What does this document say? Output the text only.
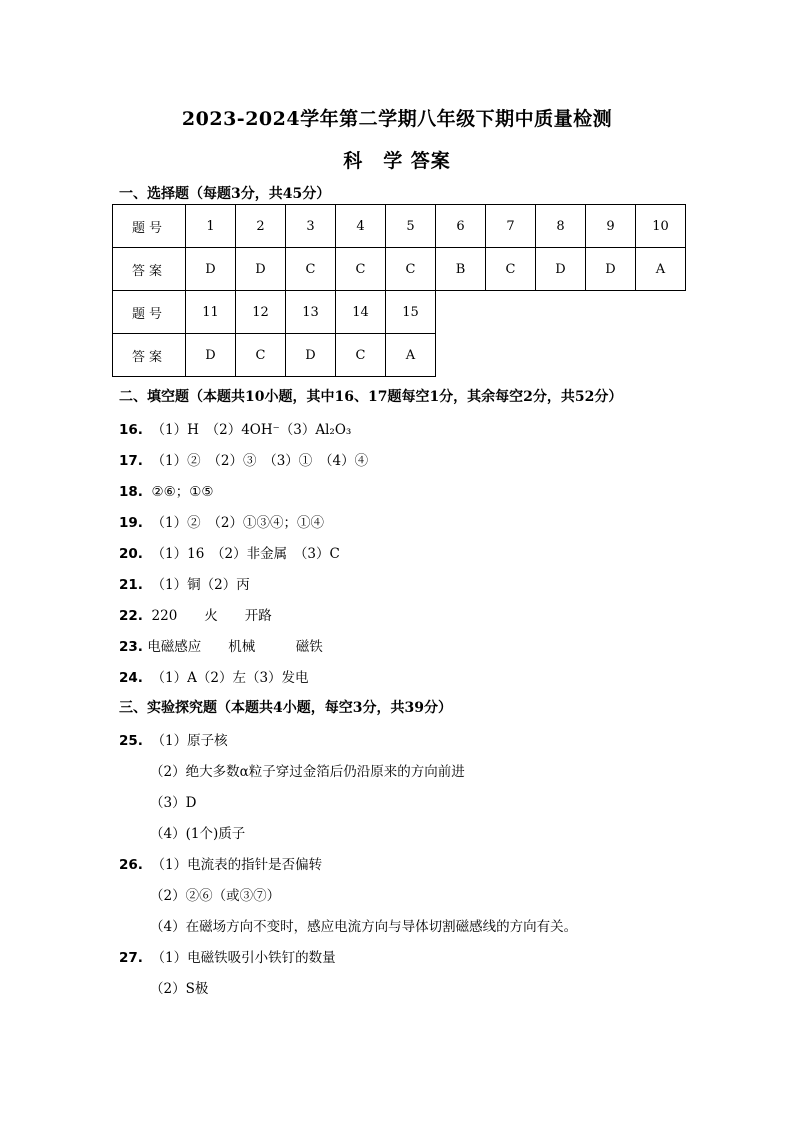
2023-2024学年第二学期八年级下期中质量检测
科　学 答案
一、选择题（每题3分，共45分）
题号	1	2	3	4	5	6	7	8	9	10
答案	D	D	C	C	C	B	C	D	D	A
题号	11	12	13	14	15					
答案	D	C	D	C	A					
二、填空题（本题共10小题，其中16、17题每空1分，其余每空2分，共52分）
16. （1）H　（2）4OH⁻（3）Al₂O₃
17. （1）②　（2）③　（3）①　（4）④
18. ②⑥；①⑤
19. （1）②　（2）①③④；①④
20. （1）16　（2）非金属　（3）C
21. （1）铜（2）丙
22. 220　　火　　开路
23. 电磁感应　　机械　　　磁铁
24. （1）A（2）左（3）发电
三、实验探究题（本题共4小题，每空3分，共39分）
25. （1）原子核
（2）绝大多数α粒子穿过金箔后仍沿原来的方向前进
（3）D
（4）(1个)质子
26. （1）电流表的指针是否偏转
（2）②⑥（或③⑦）
（4）在磁场方向不变时，感应电流方向与导体切割磁感线的方向有关。
27. （1）电磁铁吸引小铁钉的数量
（2）S极
